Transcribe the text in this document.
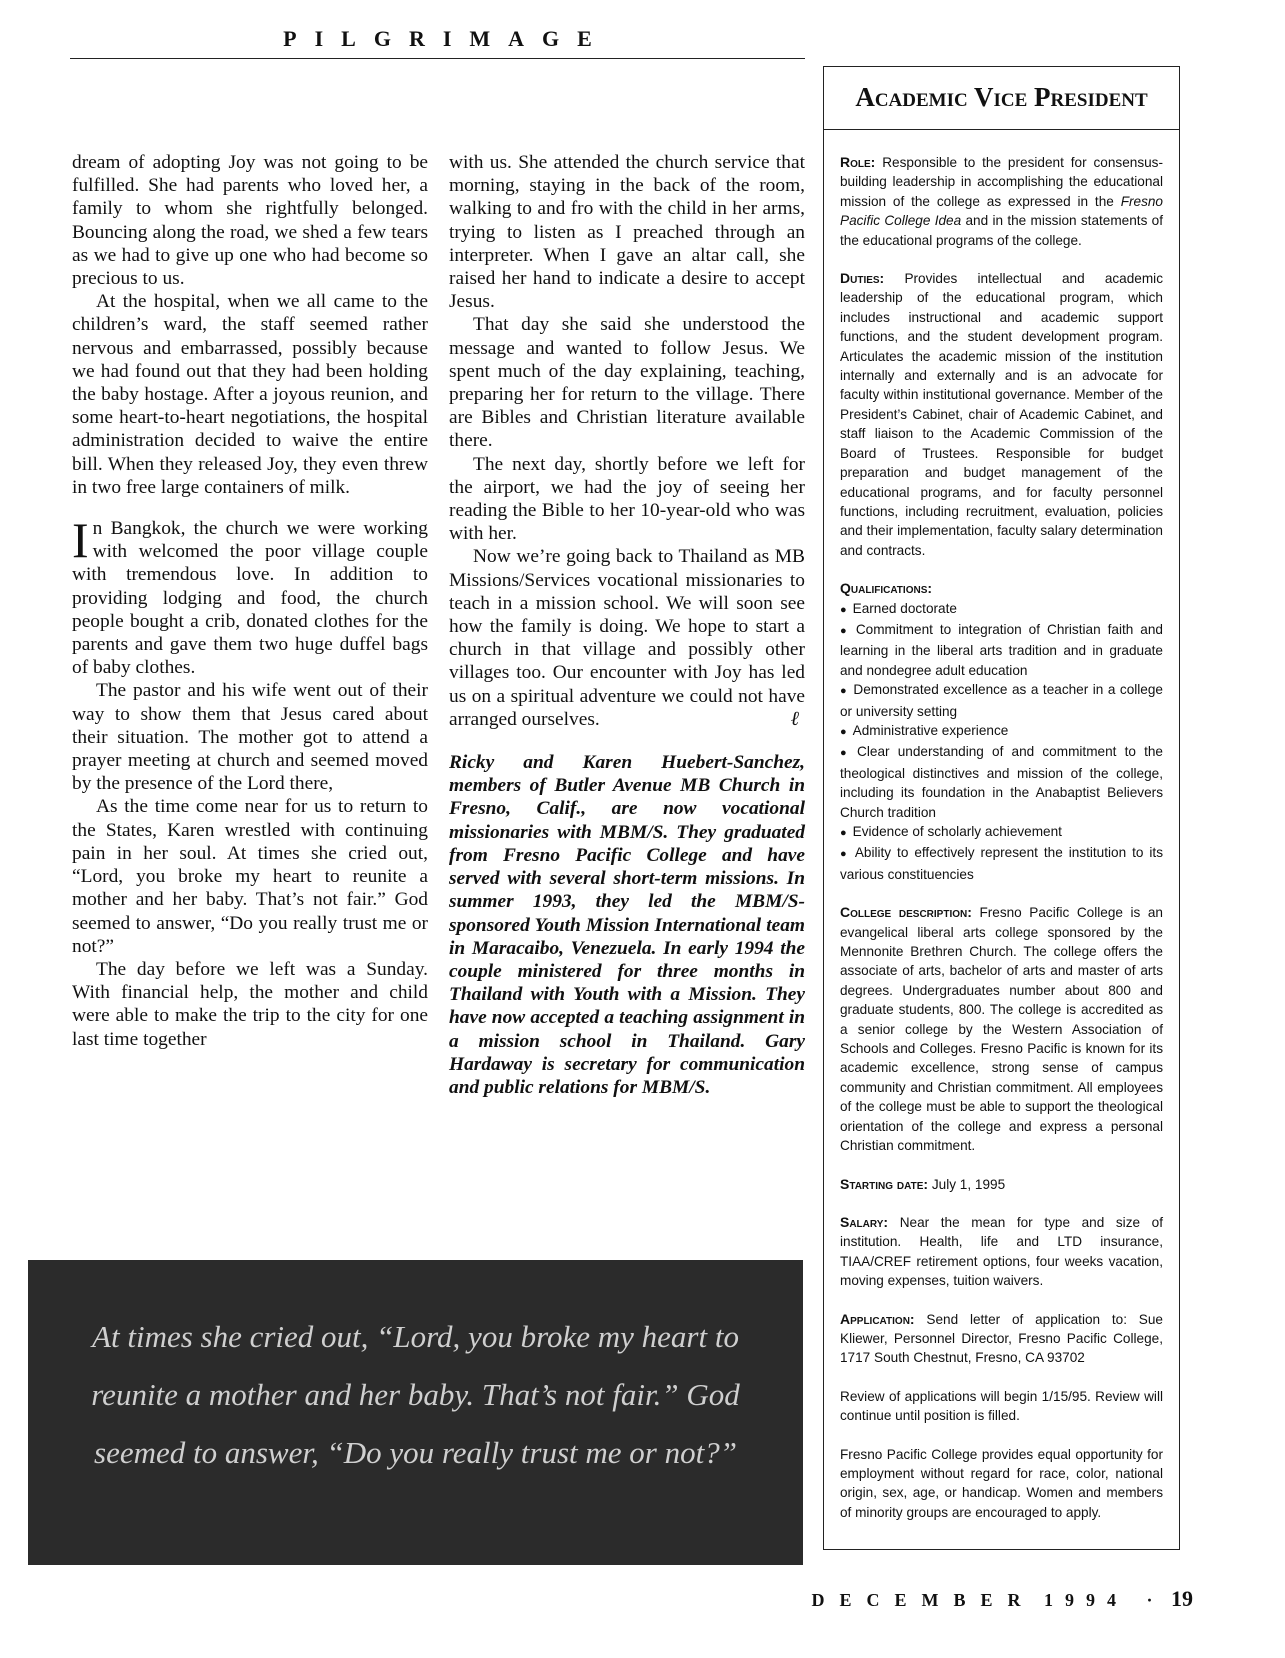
PILGRIMAGE

dream of adopting Joy was not going to be fulfilled. She had parents who loved her, a family to whom she rightfully belonged. Bouncing along the road, we shed a few tears as we had to give up one who had become so precious to us.

At the hospital, when we all came to the children’s ward, the staff seemed rather nervous and embarrassed, possibly because we had found out that they had been holding the baby hostage. After a joyous reunion, and some heart-to-heart negotiations, the hospital administration decided to waive the entire bill. When they released Joy, they even threw in two free large containers of milk.

In Bangkok, the church we were working with welcomed the poor village couple with tremendous love. In addition to providing lodging and food, the church people bought a crib, donated clothes for the parents and gave them two huge duffel bags of baby clothes.

The pastor and his wife went out of their way to show them that Jesus cared about their situation. The mother got to attend a prayer meeting at church and seemed moved by the presence of the Lord there,

As the time come near for us to return to the States, Karen wrestled with continuing pain in her soul. At times she cried out, “Lord, you broke my heart to reunite a mother and her baby. That’s not fair.” God seemed to answer, “Do you really trust me or not?”

The day before we left was a Sunday. With financial help, the mother and child were able to make the trip to the city for one last time together

with us. She attended the church service that morning, staying in the back of the room, walking to and fro with the child in her arms, trying to listen as I preached through an interpreter. When I gave an altar call, she raised her hand to indicate a desire to accept Jesus.

That day she said she understood the message and wanted to follow Jesus. We spent much of the day explaining, teaching, preparing her for return to the village. There are Bibles and Christian literature available there.

The next day, shortly before we left for the airport, we had the joy of seeing her reading the Bible to her 10-year-old who was with her.

Now we’re going back to Thailand as MB Missions/Services vocational missionaries to teach in a mission school. We will soon see how the family is doing. We hope to start a church in that village and possibly other villages too. Our encounter with Joy has led us on a spiritual adventure we could not have arranged ourselves.	ℓ

Ricky and Karen Huebert-Sanchez, members of Butler Avenue MB Church in Fresno, Calif., are now vocational missionaries with MBM/S. They graduated from Fresno Pacific College and have served with several short-term missions. In summer 1993, they led the MBM/S-sponsored Youth Mission International team in Maracaibo, Venezuela. In early 1994 the couple ministered for three months in Thailand with Youth with a Mission. They have now accepted a teaching assignment in a mission school in Thailand. Gary Hardaway is secretary for communication and public relations for MBM/S.

At times she cried out, “Lord, you broke my heart to reunite a mother and her baby. That’s not fair.” God seemed to answer, “Do you really trust me or not?”
Academic Vice President

Role: Responsible to the president for consensus-building leadership in accomplishing the educational mission of the college as expressed in the Fresno Pacific College Idea and in the mission statements of the educational programs of the college.

Duties: Provides intellectual and academic leadership of the educational program, which includes instructional and academic support functions, and the student development program. Articulates the academic mission of the institution internally and externally and is an advocate for faculty within institutional governance. Member of the President’s Cabinet, chair of Academic Cabinet, and staff liaison to the Academic Commission of the Board of Trustees. Responsible for budget preparation and budget management of the educational programs, and for faculty personnel functions, including recruitment, evaluation, policies and their implementation, faculty salary determination and contracts.

Qualifications:

● Earned doctorate

● Commitment to integration of Christian faith and learning in the liberal arts tradition and in graduate and nondegree adult education

● Demonstrated excellence as a teacher in a college or university setting

● Administrative experience

● Clear understanding of and commitment to the theological distinctives and mission of the college, including its foundation in the Anabaptist Believers Church tradition

● Evidence of scholarly achievement

● Ability to effectively represent the institution to its various constituencies

College description: Fresno Pacific College is an evangelical liberal arts college sponsored by the Mennonite Brethren Church. The college offers the associate of arts, bachelor of arts and master of arts degrees. Undergraduates number about 800 and graduate students, 800. The college is accredited as a senior college by the Western Association of Schools and Colleges. Fresno Pacific is known for its academic excellence, strong sense of campus community and Christian commitment. All employees of the college must be able to support the theological orientation of the college and express a personal Christian commitment.

Starting date: July 1, 1995

Salary: Near the mean for type and size of institution. Health, life and LTD insurance, TIAA/CREF retirement options, four weeks vacation, moving expenses, tuition waivers.

Application: Send letter of application to: Sue Kliewer, Personnel Director, Fresno Pacific College, 1717 South Chestnut, Fresno, CA 93702

Review of applications will begin 1/15/95. Review will continue until position is filled.

Fresno Pacific College provides equal opportunity for employment without regard for race, color, national origin, sex, age, or handicap. Women and members of minority groups are encouraged to apply.

DECEMBER 1994 · 19
